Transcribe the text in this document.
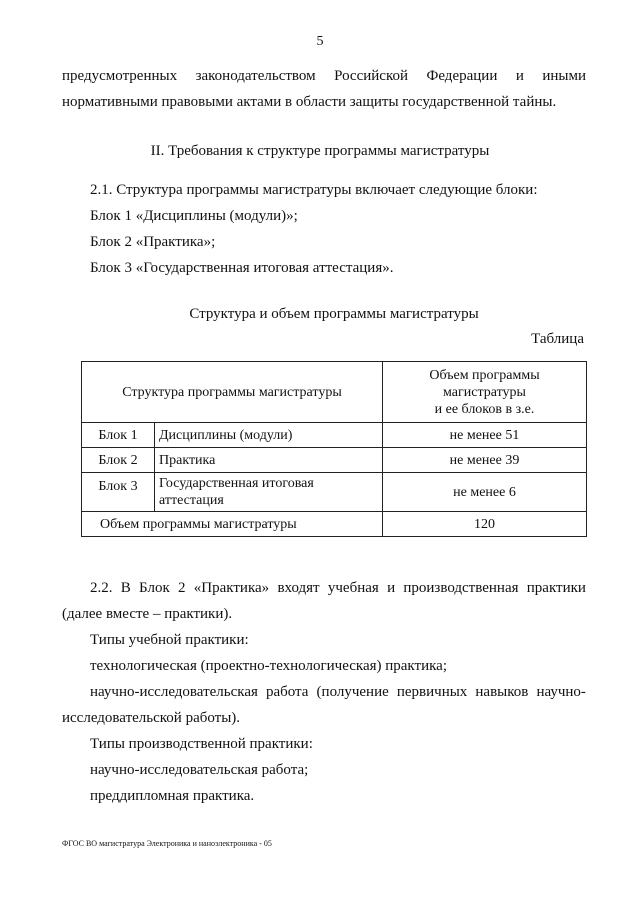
5
предусмотренных законодательством Российской Федерации и иными
нормативными правовыми актами в области защиты государственной тайны.
II. Требования к структуре программы магистратуры
2.1. Структура программы магистратуры включает следующие блоки:
Блок 1 «Дисциплины (модули)»;
Блок 2 «Практика»;
Блок 3 «Государственная итоговая аттестация».
Структура и объем программы магистратуры
Таблица
Структура программы магистратуры		Объем программы
магистратуры
и ее блоков в з.е.

Блок 1	Дисциплины (модули)	не менее 51
Блок 2	Практика	не менее 39
Блок 3	Государственная итоговая аттестация	не менее 6
Объем программы магистратуры		120
2.2. В Блок 2 «Практика» входят учебная и производственная практики
(далее вместе – практики).
Типы учебной практики:
технологическая (проектно-технологическая) практика;
научно-исследовательская работа (получение первичных навыков научно-
исследовательской работы).
Типы производственной практики:
научно-исследовательская работа;
преддипломная практика.
ФГОС ВО магистратура Электроника и наноэлектроника - 05
